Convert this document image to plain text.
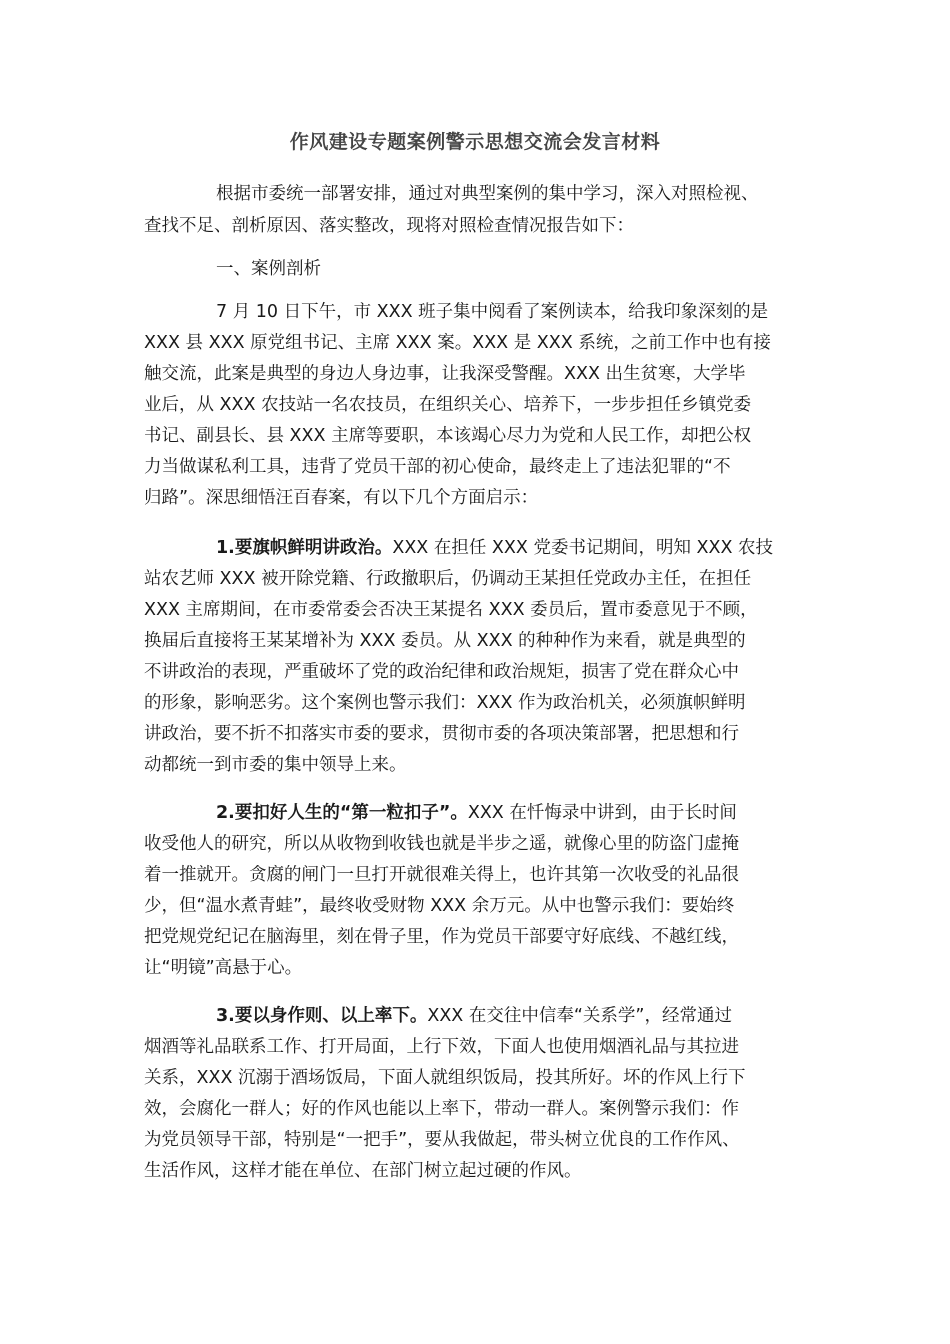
作风建设专题案例警示思想交流会发言材料
根据市委统一部署安排，通过对典型案例的集中学习，深入对照检视、
查找不足、剖析原因、落实整改，现将对照检查情况报告如下：
一、案例剖析
7 月 10 日下午，市 XXX 班子集中阅看了案例读本，给我印象深刻的是
XXX 县 XXX 原党组书记、主席 XXX 案。XXX 是 XXX 系统，之前工作中也有接
触交流，此案是典型的身边人身边事，让我深受警醒。XXX 出生贫寒，大学毕
业后，从 XXX 农技站一名农技员，在组织关心、培养下，一步步担任乡镇党委
书记、副县长、县 XXX 主席等要职，本该竭心尽力为党和人民工作，却把公权
力当做谋私利工具，违背了党员干部的初心使命，最终走上了违法犯罪的“不
归路”。深思细悟汪百春案，有以下几个方面启示：
1.要旗帜鲜明讲政治。XXX 在担任 XXX 党委书记期间，明知 XXX 农技
站农艺师 XXX 被开除党籍、行政撤职后，仍调动王某担任党政办主任，在担任
XXX 主席期间，在市委常委会否决王某提名 XXX 委员后，置市委意见于不顾，
换届后直接将王某某增补为 XXX 委员。从 XXX 的种种作为来看，就是典型的
不讲政治的表现，严重破坏了党的政治纪律和政治规矩，损害了党在群众心中
的形象，影响恶劣。这个案例也警示我们：XXX 作为政治机关，必须旗帜鲜明
讲政治，要不折不扣落实市委的要求，贯彻市委的各项决策部署，把思想和行
动都统一到市委的集中领导上来。
2.要扣好人生的“第一粒扣子”。XXX 在忏悔录中讲到，由于长时间
收受他人的研究，所以从收物到收钱也就是半步之遥，就像心里的防盗门虚掩
着一推就开。贪腐的闸门一旦打开就很难关得上，也许其第一次收受的礼品很
少，但“温水煮青蛙”，最终收受财物 XXX 余万元。从中也警示我们：要始终
把党规党纪记在脑海里，刻在骨子里，作为党员干部要守好底线、不越红线，
让“明镜”高悬于心。
3.要以身作则、以上率下。XXX 在交往中信奉“关系学”，经常通过
烟酒等礼品联系工作、打开局面，上行下效，下面人也使用烟酒礼品与其拉进
关系，XXX 沉溺于酒场饭局，下面人就组织饭局，投其所好。坏的作风上行下
效，会腐化一群人；好的作风也能以上率下，带动一群人。案例警示我们：作
为党员领导干部，特别是“一把手”，要从我做起，带头树立优良的工作作风、
生活作风，这样才能在单位、在部门树立起过硬的作风。
